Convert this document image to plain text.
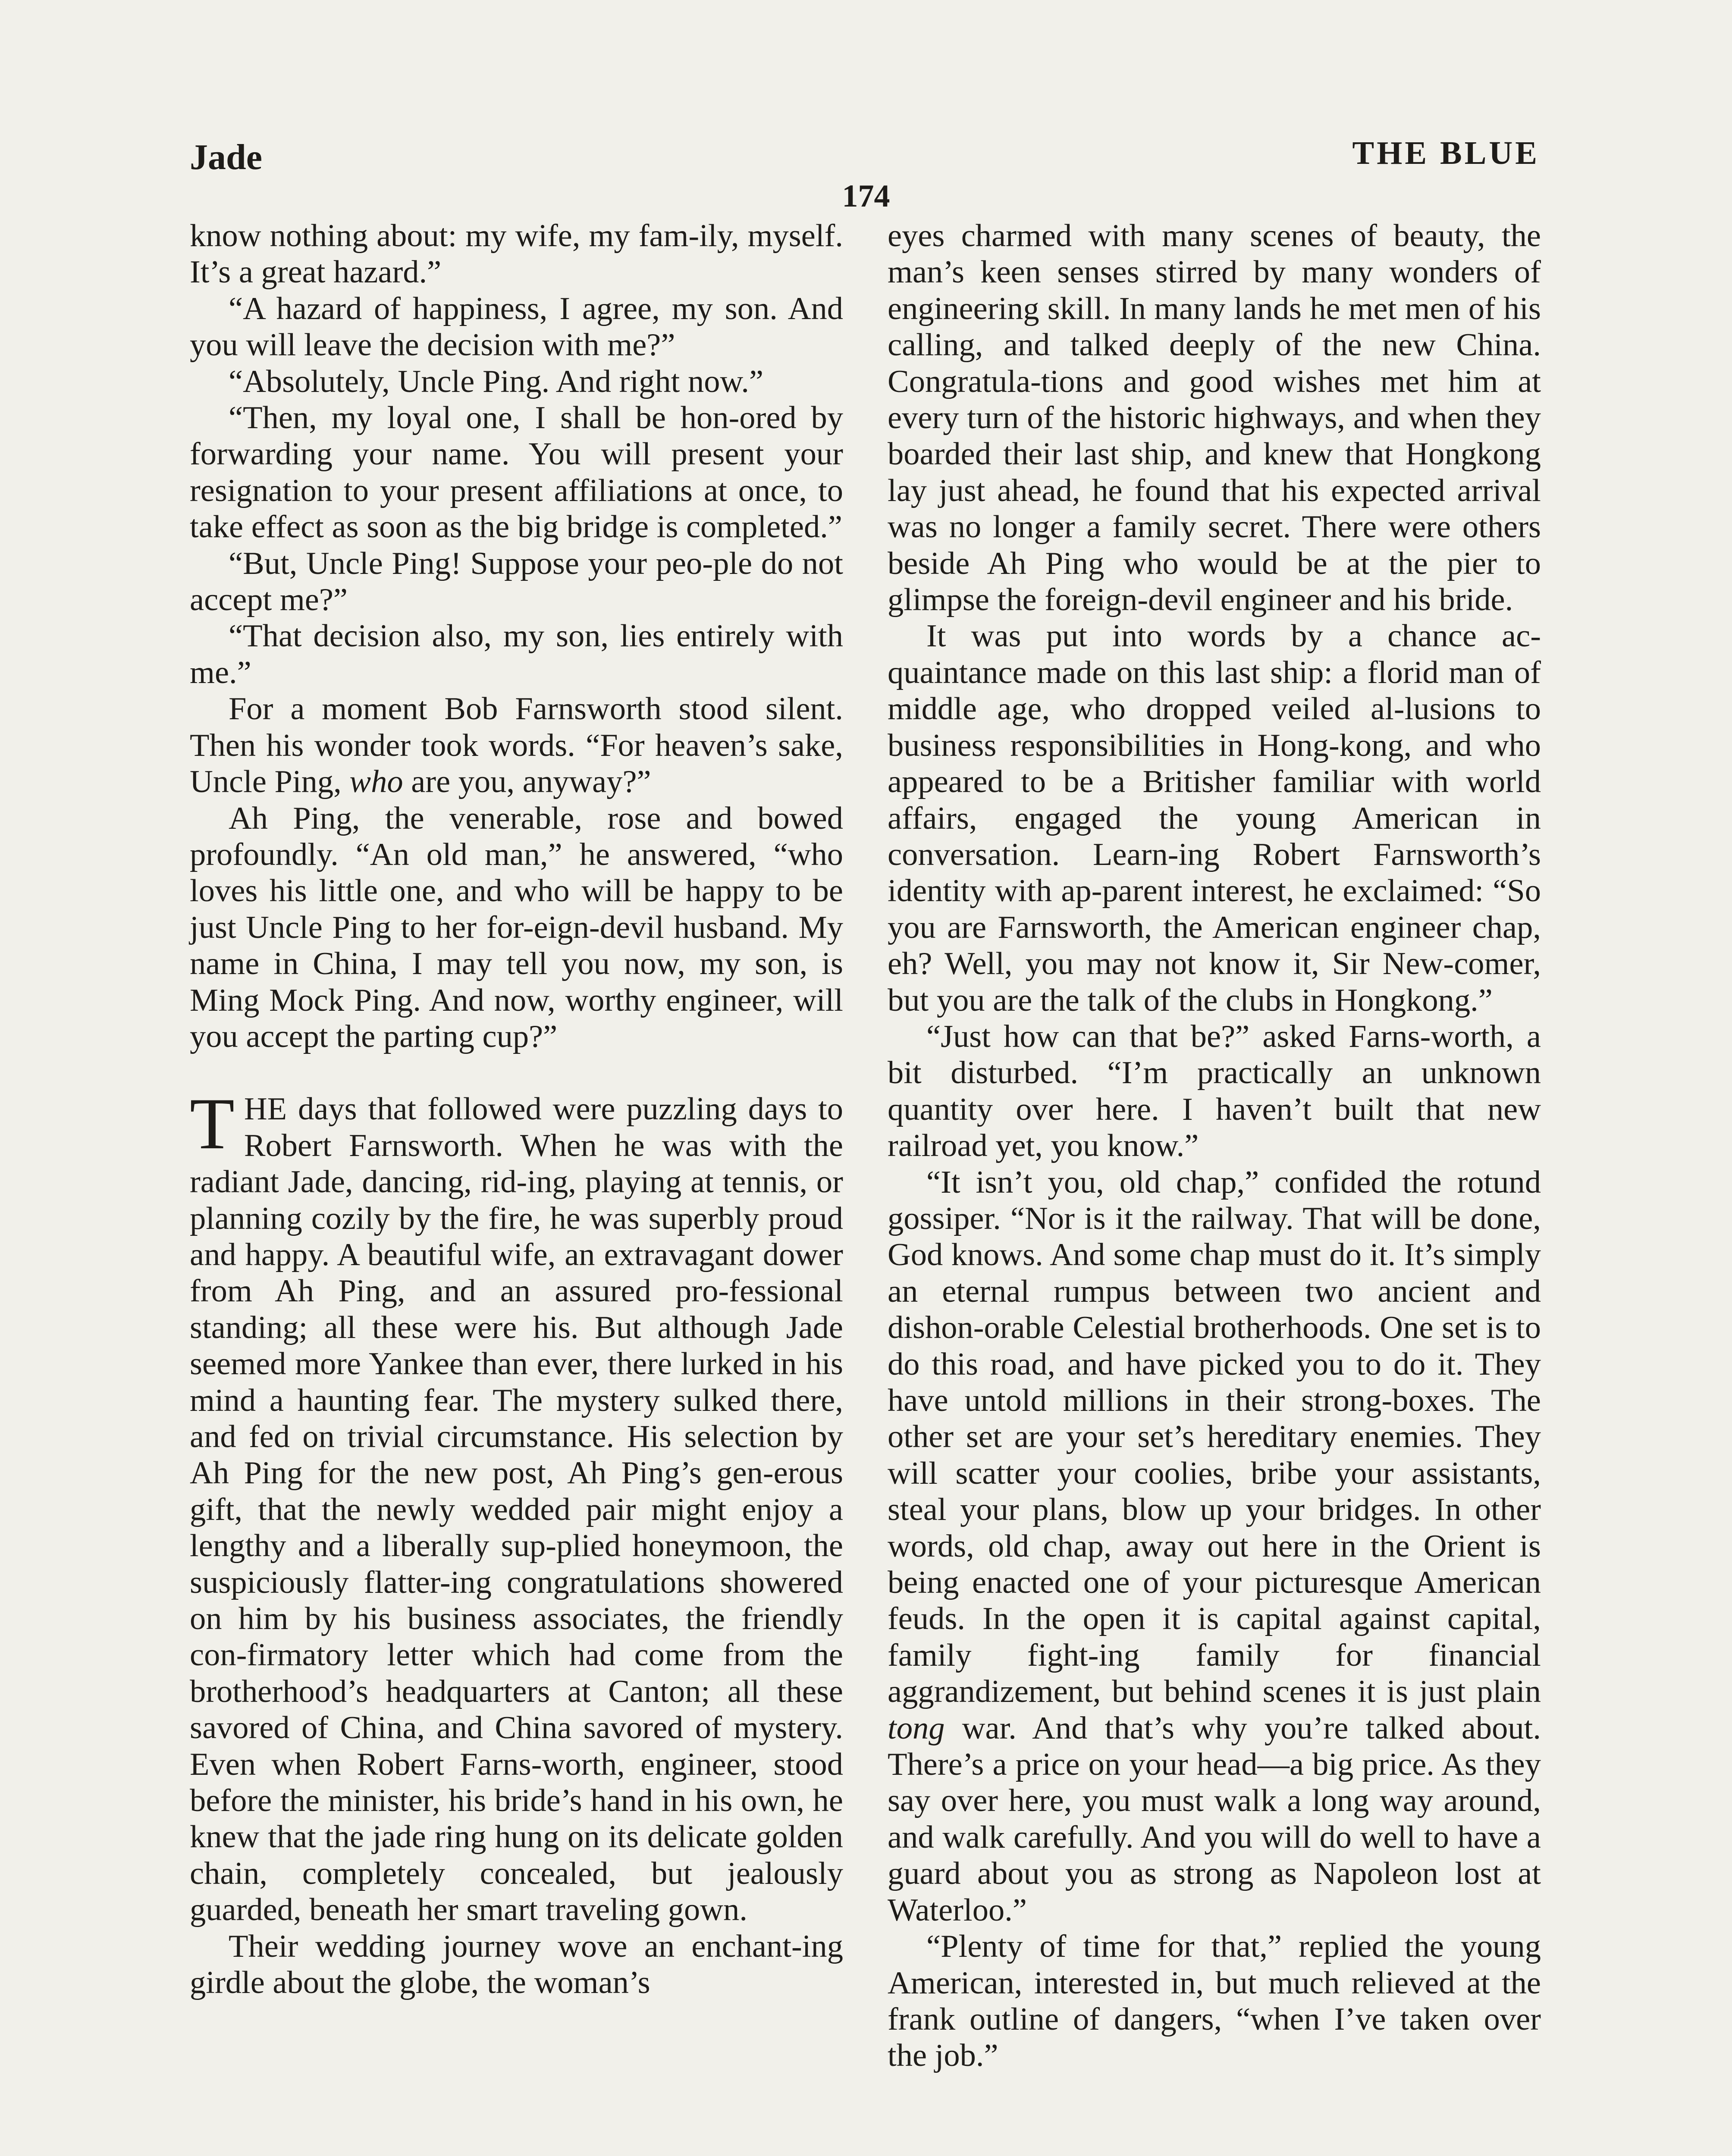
Jade	THE BLUE
174

know nothing about: my wife, my fam-ily, myself. It’s a great hazard.”

“A hazard of happiness, I agree, my son. And you will leave the decision with me?”

“Absolutely, Uncle Ping. And right now.”

“Then, my loyal one, I shall be hon-ored by forwarding your name. You will present your resignation to your present affiliations at once, to take effect as soon as the big bridge is completed.”

“But, Uncle Ping! Suppose your peo-ple do not accept me?”

“That decision also, my son, lies entirely with me.”

For a moment Bob Farnsworth stood silent. Then his wonder took words. “For heaven’s sake, Uncle Ping, who are you, anyway?”

Ah Ping, the venerable, rose and bowed profoundly. “An old man,” he answered, “who loves his little one, and who will be happy to be just Uncle Ping to her for-eign-devil husband. My name in China, I may tell you now, my son, is Ming Mock Ping. And now, worthy engineer, will you accept the parting cup?”

THE days that followed were puzzling days to Robert Farnsworth. When he was with the radiant Jade, dancing, rid-ing, playing at tennis, or planning cozily by the fire, he was superbly proud and happy. A beautiful wife, an extravagant dower from Ah Ping, and an assured pro-fessional standing; all these were his. But although Jade seemed more Yankee than ever, there lurked in his mind a haunting fear. The mystery sulked there, and fed on trivial circumstance. His selection by Ah Ping for the new post, Ah Ping’s gen-erous gift, that the newly wedded pair might enjoy a lengthy and a liberally sup-plied honeymoon, the suspiciously flatter-ing congratulations showered on him by his business associates, the friendly con-firmatory letter which had come from the brotherhood’s headquarters at Canton; all these savored of China, and China savored of mystery. Even when Robert Farns-worth, engineer, stood before the minister, his bride’s hand in his own, he knew that the jade ring hung on its delicate golden chain, completely concealed, but jealously guarded, beneath her smart traveling gown.

Their wedding journey wove an enchant-ing girdle about the globe, the woman’s

eyes charmed with many scenes of beauty, the man’s keen senses stirred by many wonders of engineering skill. In many lands he met men of his calling, and talked deeply of the new China. Congratula-tions and good wishes met him at every turn of the historic highways, and when they boarded their last ship, and knew that Hongkong lay just ahead, he found that his expected arrival was no longer a family secret. There were others beside Ah Ping who would be at the pier to glimpse the foreign-devil engineer and his bride.

It was put into words by a chance ac-quaintance made on this last ship: a florid man of middle age, who dropped veiled al-lusions to business responsibilities in Hong-kong, and who appeared to be a Britisher familiar with world affairs, engaged the young American in conversation. Learn-ing Robert Farnsworth’s identity with ap-parent interest, he exclaimed: “So you are Farnsworth, the American engineer chap, eh? Well, you may not know it, Sir New-comer, but you are the talk of the clubs in Hongkong.”

“Just how can that be?” asked Farns-worth, a bit disturbed. “I’m practically an unknown quantity over here. I haven’t built that new railroad yet, you know.”

“It isn’t you, old chap,” confided the rotund gossiper. “Nor is it the railway. That will be done, God knows. And some chap must do it. It’s simply an eternal rumpus between two ancient and dishon-orable Celestial brotherhoods. One set is to do this road, and have picked you to do it. They have untold millions in their strong-boxes. The other set are your set’s hereditary enemies. They will scatter your coolies, bribe your assistants, steal your plans, blow up your bridges. In other words, old chap, away out here in the Orient is being enacted one of your picturesque American feuds. In the open it is capital against capital, family fight-ing family for financial aggrandizement, but behind scenes it is just plain tong war. And that’s why you’re talked about. There’s a price on your head—a big price. As they say over here, you must walk a long way around, and walk carefully. And you will do well to have a guard about you as strong as Napoleon lost at Waterloo.”

“Plenty of time for that,” replied the young American, interested in, but much relieved at the frank outline of dangers, “when I’ve taken over the job.”
